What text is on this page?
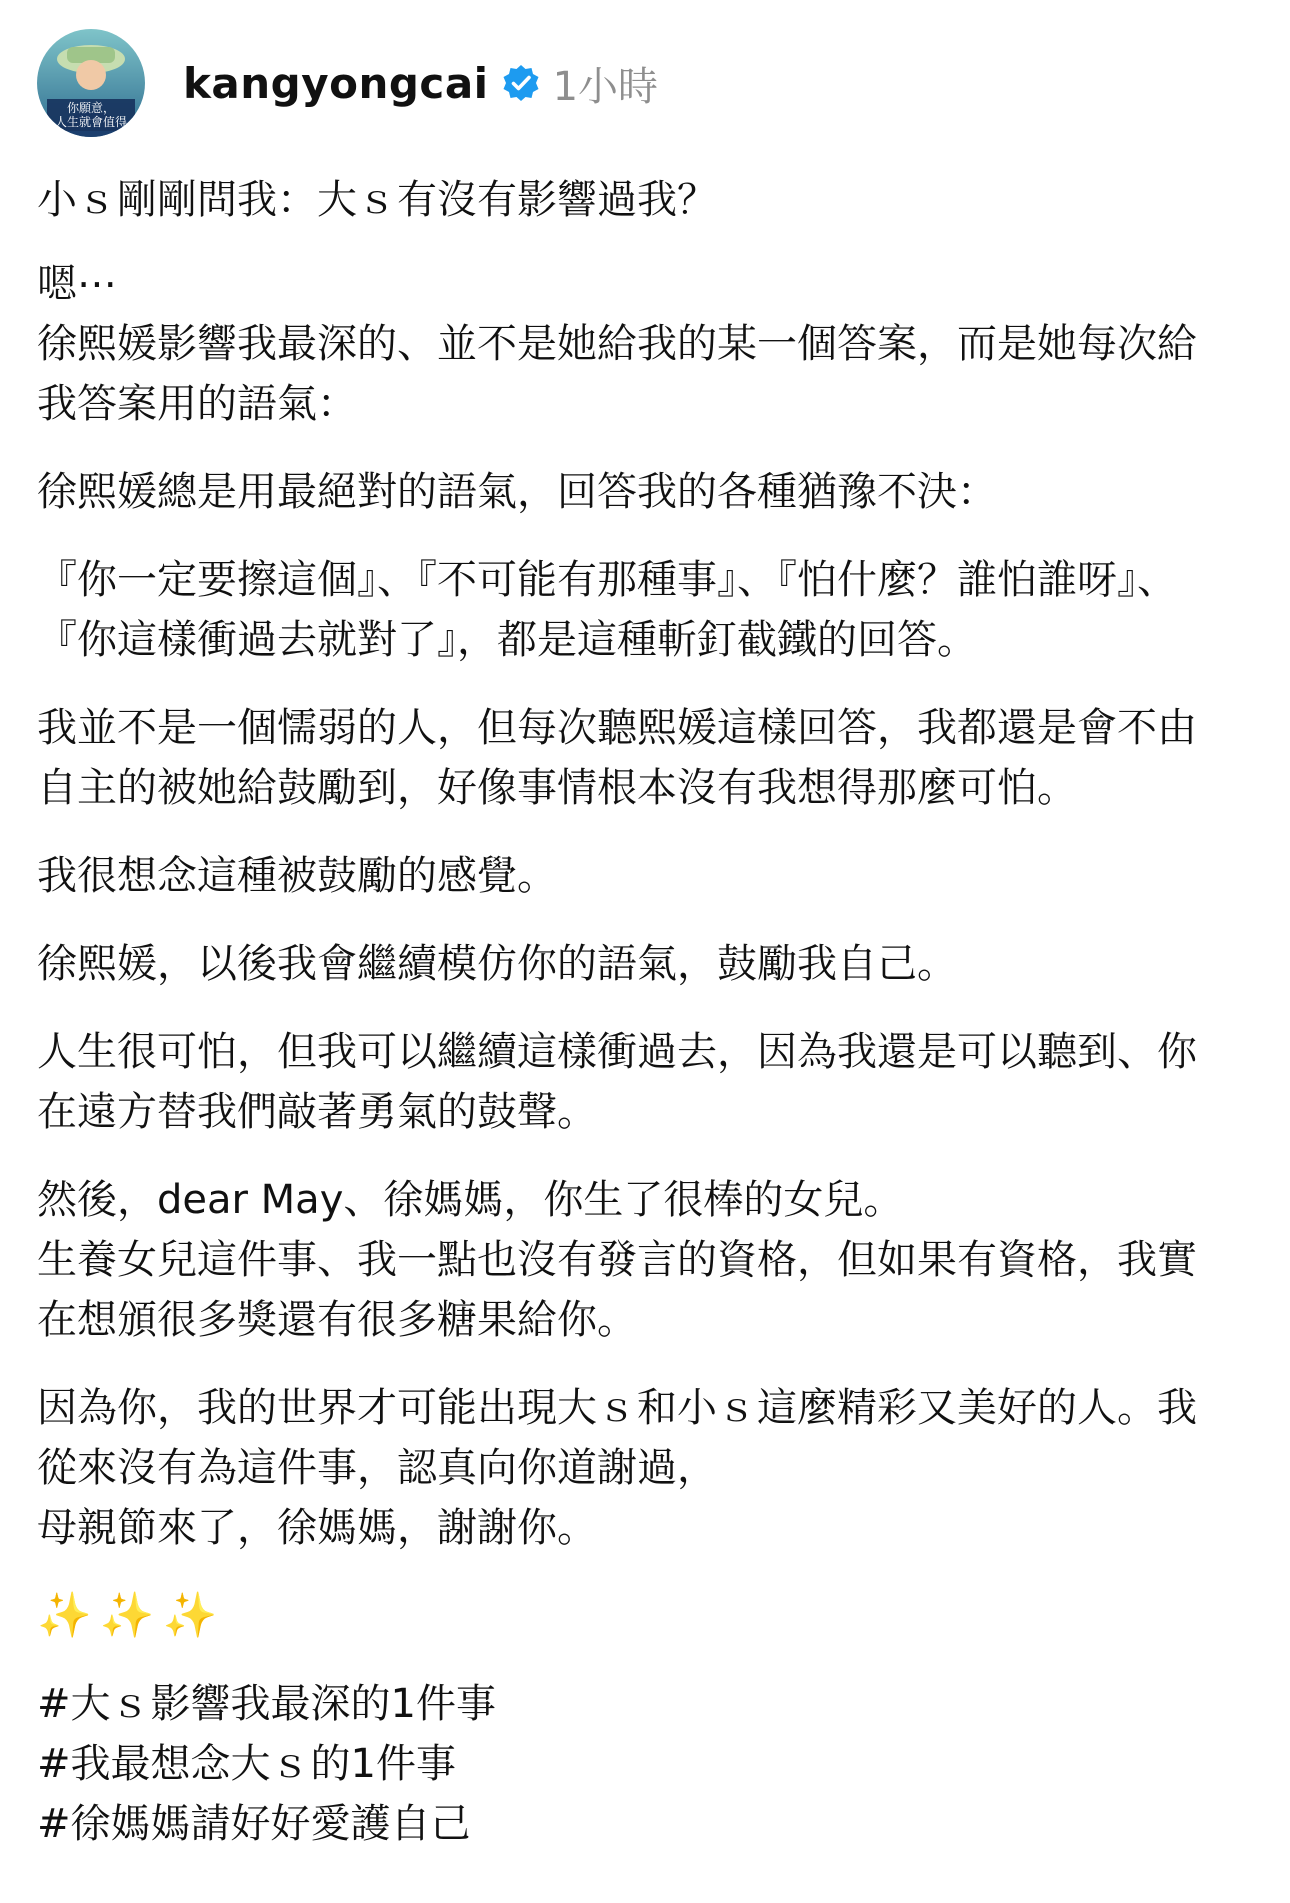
你願意，
人生就會值得
kangyongcai 1小時
小ｓ剛剛問我：大ｓ有沒有影響過我？
嗯⋯
徐熙媛影響我最深的、並不是她給我的某一個答案，而是她每次給
我答案用的語氣：
徐熙媛總是用最絕對的語氣，回答我的各種猶豫不決：
『你一定要擦這個』、『不可能有那種事』、『怕什麼？誰怕誰呀』、
『你這樣衝過去就對了』，都是這種斬釘截鐵的回答。
我並不是一個懦弱的人，但每次聽熙媛這樣回答，我都還是會不由
自主的被她給鼓勵到，好像事情根本沒有我想得那麼可怕。
我很想念這種被鼓勵的感覺。
徐熙媛，以後我會繼續模仿你的語氣，鼓勵我自己。
人生很可怕，但我可以繼續這樣衝過去，因為我還是可以聽到、你
在遠方替我們敲著勇氣的鼓聲。
然後，dear May、徐媽媽，你生了很棒的女兒。
生養女兒這件事、我一點也沒有發言的資格，但如果有資格，我實
在想頒很多獎還有很多糖果給你。
因為你，我的世界才可能出現大ｓ和小ｓ這麼精彩又美好的人。我
從來沒有為這件事，認真向你道謝過，
母親節來了，徐媽媽，謝謝你。
✨✨✨
#大ｓ影響我最深的1件事
#我最想念大ｓ的1件事
#徐媽媽請好好愛護自己
